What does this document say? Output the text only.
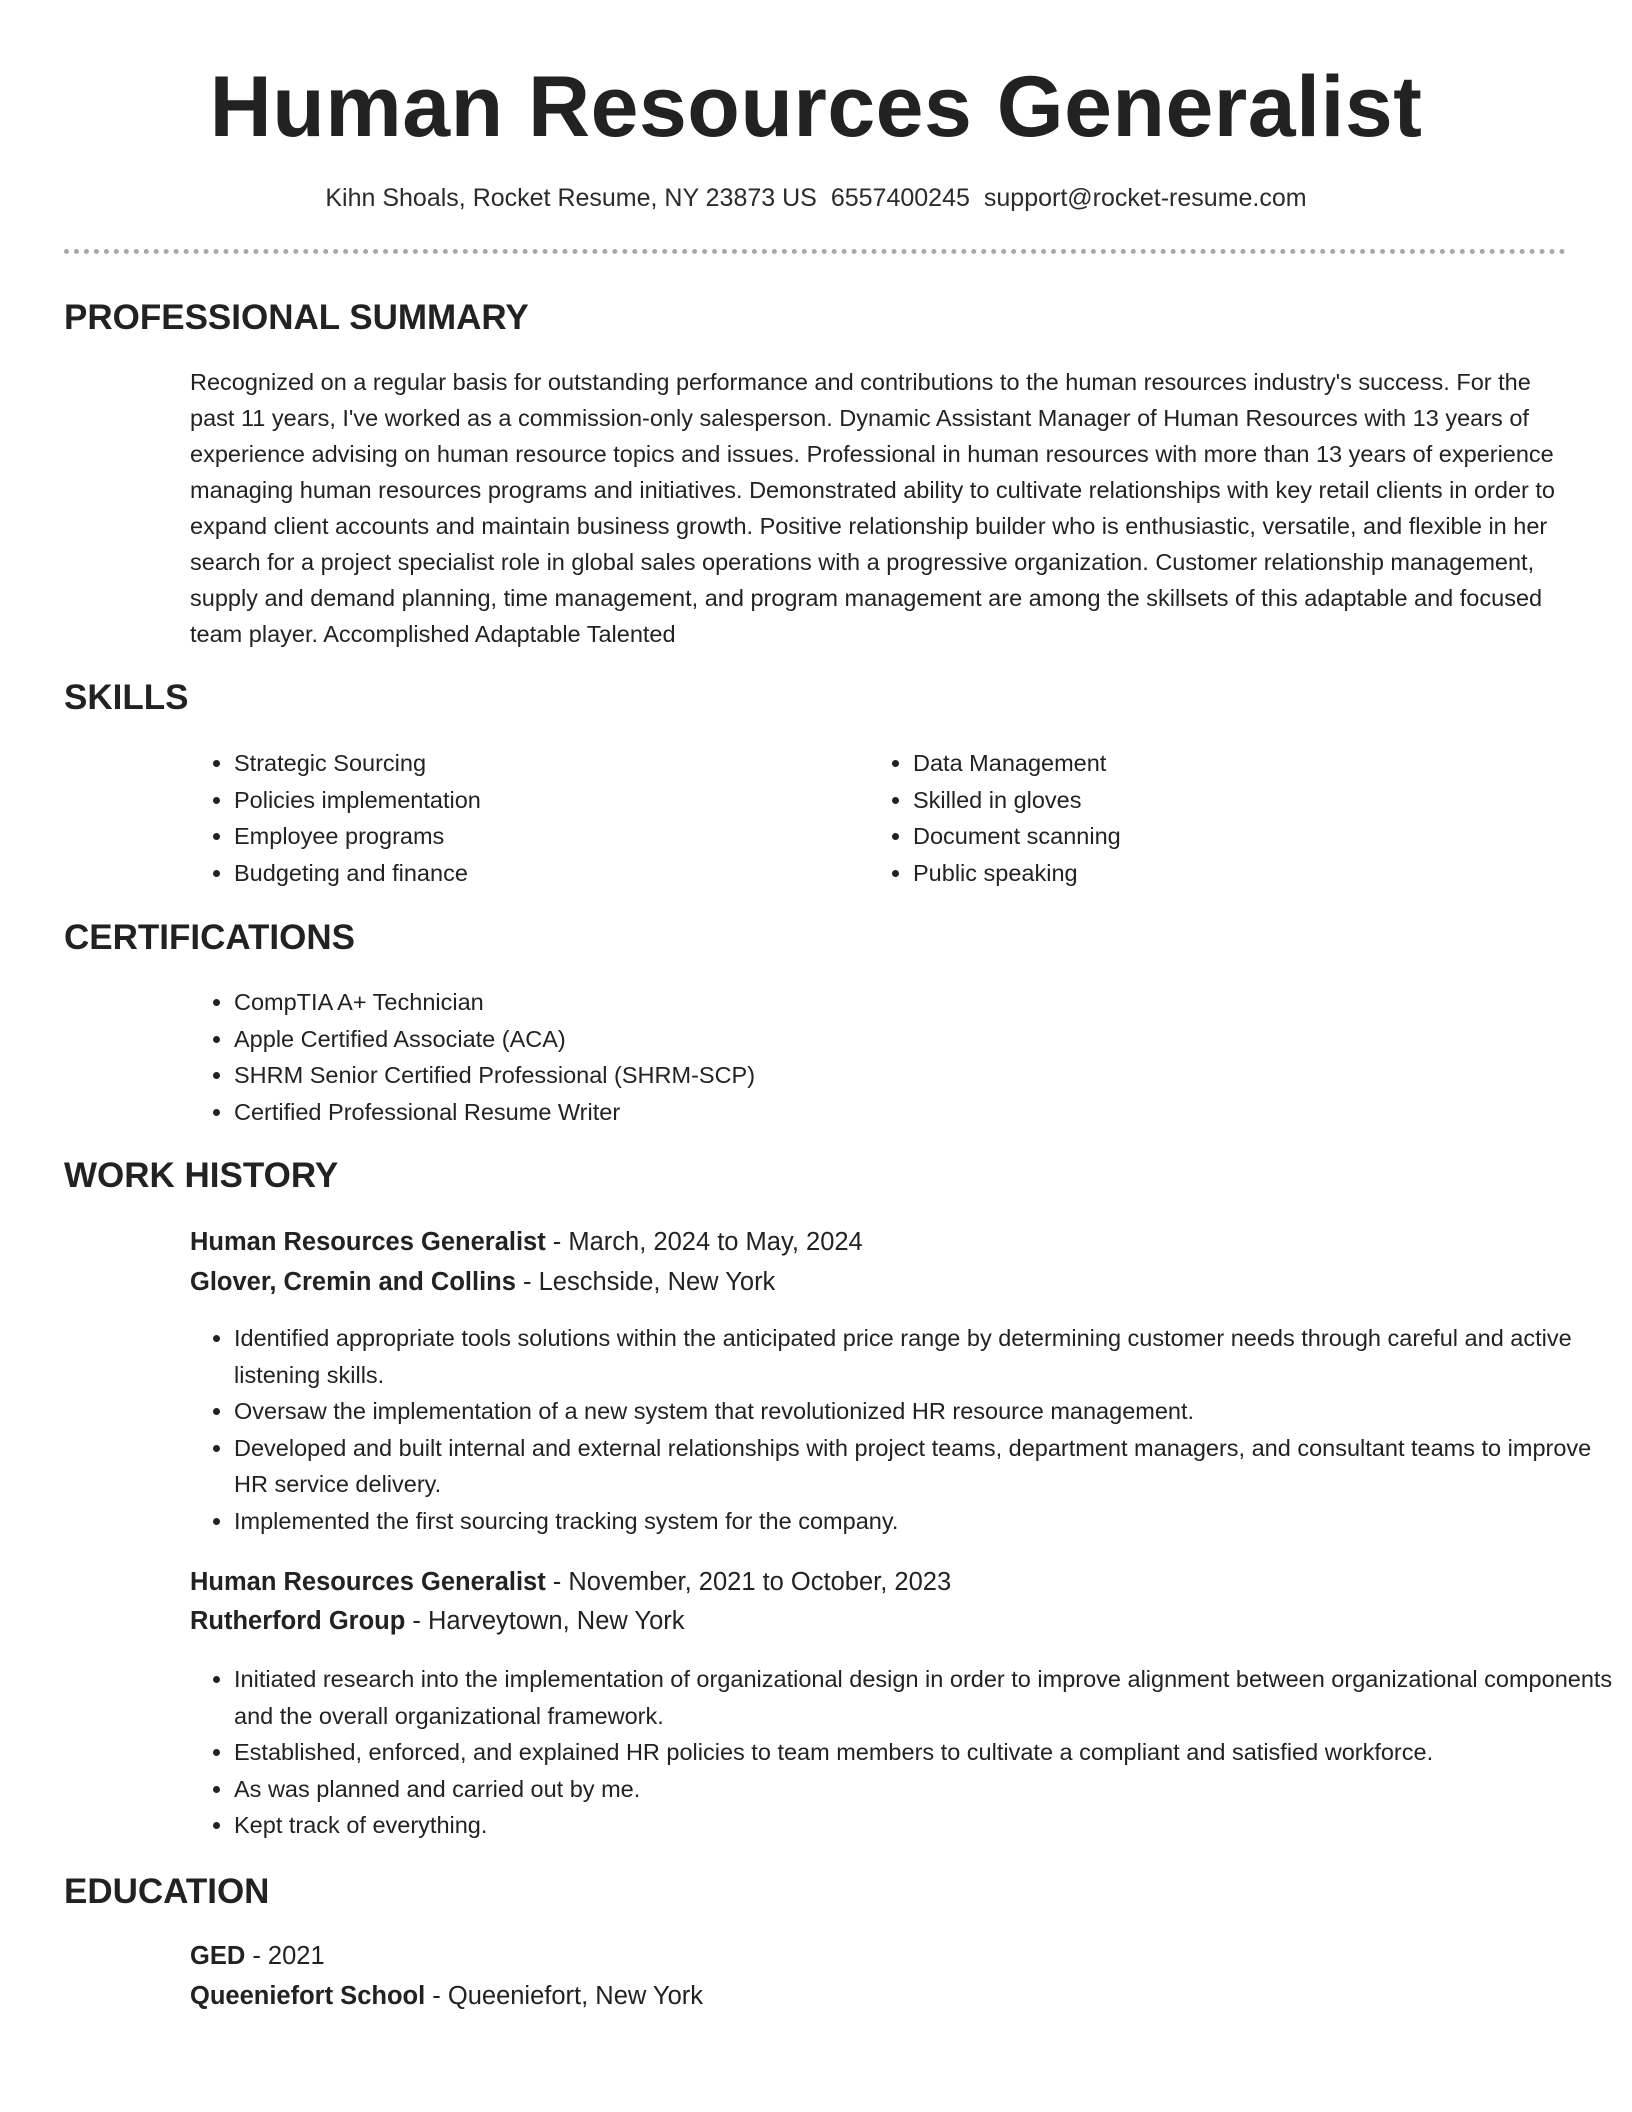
Human Resources Generalist
Kihn Shoals, Rocket Resume, NY 23873 US 6557400245 support@rocket-resume.com
PROFESSIONAL SUMMARY

Recognized on a regular basis for outstanding performance and contributions to the human resources industry's success. For the past 11 years, I've worked as a commission-only salesperson. Dynamic Assistant Manager of Human Resources with 13 years of experience advising on human resource topics and issues. Professional in human resources with more than 13 years of experience managing human resources programs and initiatives. Demonstrated ability to cultivate relationships with key retail clients in order to expand client accounts and maintain business growth. Positive relationship builder who is enthusiastic, versatile, and flexible in her search for a project specialist role in global sales operations with a progressive organization. Customer relationship management, supply and demand planning, time management, and program management are among the skillsets of this adaptable and focused team player. Accomplished Adaptable Talented

SKILLS
• Strategic Sourcing
• Policies implementation
• Employee programs
• Budgeting and finance
• Data Management
• Skilled in gloves
• Document scanning
• Public speaking
CERTIFICATIONS
• CompTIA A+ Technician
• Apple Certified Associate (ACA)
• SHRM Senior Certified Professional (SHRM-SCP)
• Certified Professional Resume Writer
WORK HISTORY
Human Resources Generalist - March, 2024 to May, 2024
Glover, Cremin and Collins - Leschside, New York
• Identified appropriate tools solutions within the anticipated price range by determining customer needs through careful and active listening skills.
• Oversaw the implementation of a new system that revolutionized HR resource management.
• Developed and built internal and external relationships with project teams, department managers, and consultant teams to improve HR service delivery.
• Implemented the first sourcing tracking system for the company.
Human Resources Generalist - November, 2021 to October, 2023
Rutherford Group - Harveytown, New York
• Initiated research into the implementation of organizational design in order to improve alignment between organizational components and the overall organizational framework.
• Established, enforced, and explained HR policies to team members to cultivate a compliant and satisfied workforce.
• As was planned and carried out by me.
• Kept track of everything.
EDUCATION
GED - 2021
Queeniefort School - Queeniefort, New York
